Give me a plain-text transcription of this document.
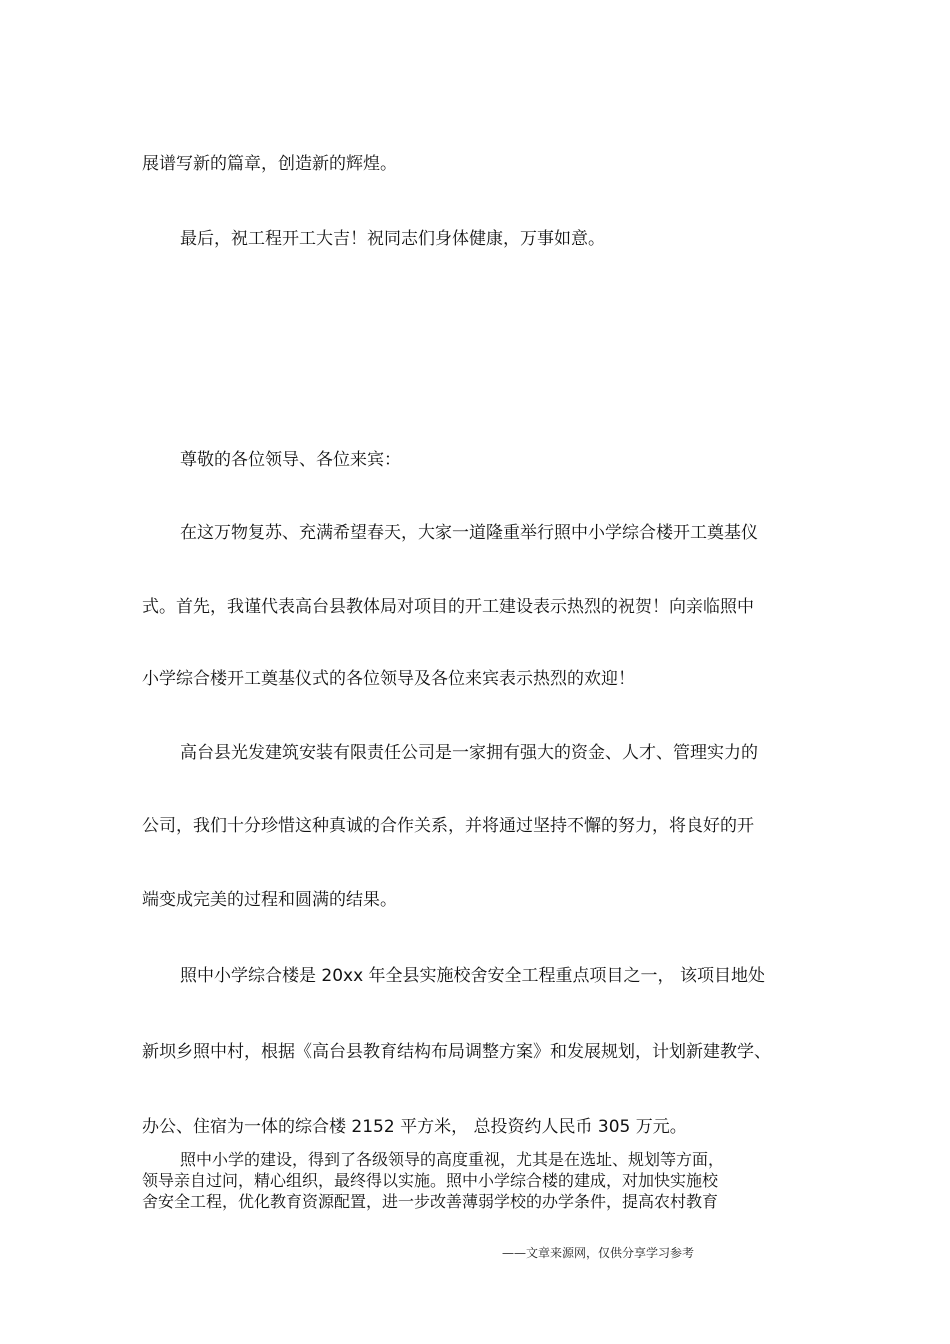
展谱写新的篇章，创造新的辉煌。
最后，祝工程开工大吉！祝同志们身体健康，万事如意。
尊敬的各位领导、各位来宾：
在这万物复苏、充满希望春天，大家一道隆重举行照中小学综合楼开工奠基仪
式。首先，我谨代表高台县教体局对项目的开工建设表示热烈的祝贺！向亲临照中
小学综合楼开工奠基仪式的各位领导及各位来宾表示热烈的欢迎！
高台县光发建筑安装有限责任公司是一家拥有强大的资金、人才、管理实力的
公司，我们十分珍惜这种真诚的合作关系，并将通过坚持不懈的努力，将良好的开
端变成完美的过程和圆满的结果。
照中小学综合楼是 20xx 年全县实施校舍安全工程重点项目之一， 该项目地处
新坝乡照中村，根据《高台县教育结构布局调整方案》和发展规划，计划新建教学、
办公、住宿为一体的综合楼 2152 平方米， 总投资约人民币 305 万元。
照中小学的建设，得到了各级领导的高度重视，尤其是在选址、规划等方面，
领导亲自过问，精心组织，最终得以实施。照中小学综合楼的建成，对加快实施校
舍安全工程，优化教育资源配置，进一步改善薄弱学校的办学条件，提高农村教育
——文章来源网，仅供分享学习参考
